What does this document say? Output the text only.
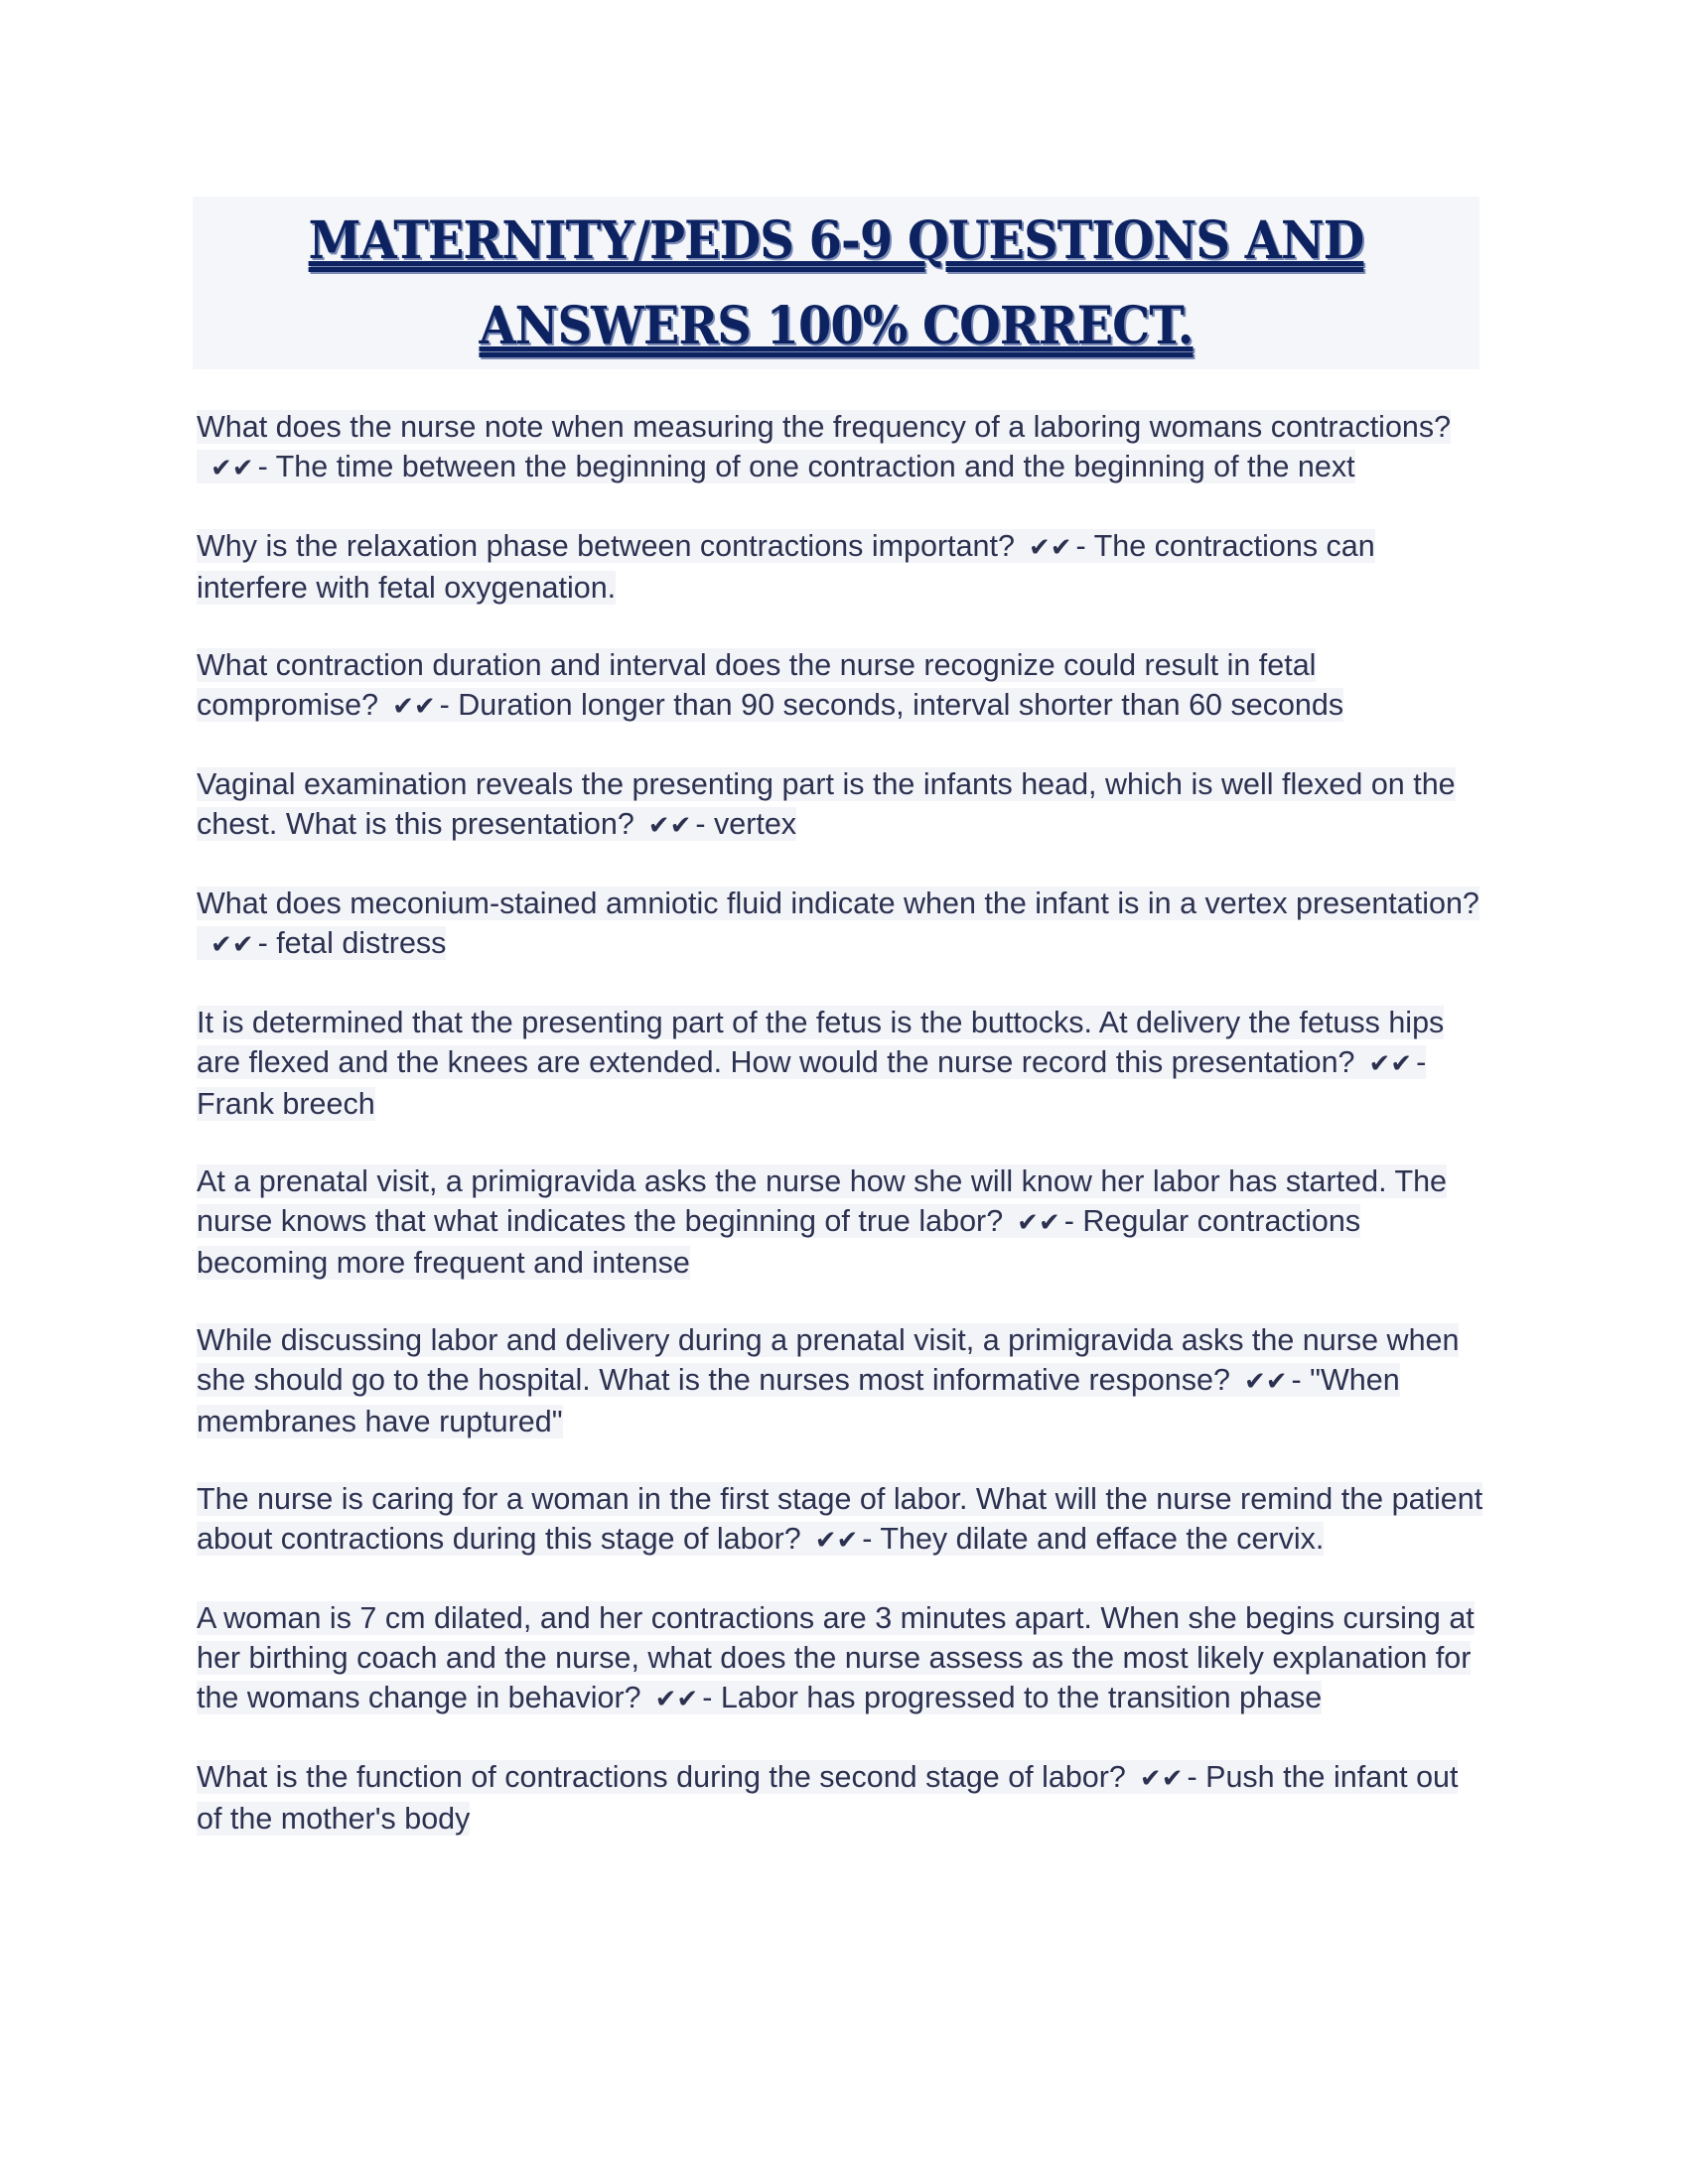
MATERNITY/PEDS 6-9 QUESTIONS AND ANSWERS 100% CORRECT.

What does the nurse note when measuring the frequency of a laboring womans contractions?✔✔ - The time between the beginning of one contraction and the beginning of the next

Why is the relaxation phase between contractions important? ✔✔ - The contractions can interfere with fetal oxygenation.

What contraction duration and interval does the nurse recognize could result in fetal compromise? ✔✔ - Duration longer than 90 seconds, interval shorter than 60 seconds

Vaginal examination reveals the presenting part is the infants head, which is well flexed on the chest. What is this presentation? ✔✔ - vertex

What does meconium-stained amniotic fluid indicate when the infant is in a vertex presentation?✔✔ - fetal distress

It is determined that the presenting part of the fetus is the buttocks. At delivery the fetuss hips are flexed and the knees are extended. How would the nurse record this presentation? ✔✔ - Frank breech

At a prenatal visit, a primigravida asks the nurse how she will know her labor has started. The nurse knows that what indicates the beginning of true labor? ✔✔ - Regular contractions becoming more frequent and intense

While discussing labor and delivery during a prenatal visit, a primigravida asks the nurse when she should go to the hospital. What is the nurses most informative response? ✔✔ - "When membranes have ruptured"

The nurse is caring for a woman in the first stage of labor. What will the nurse remind the patient about contractions during this stage of labor? ✔✔ - They dilate and efface the cervix.

A woman is 7 cm dilated, and her contractions are 3 minutes apart. When she begins cursing at her birthing coach and the nurse, what does the nurse assess as the most likely explanation for the womans change in behavior? ✔✔ - Labor has progressed to the transition phase

What is the function of contractions during the second stage of labor? ✔✔ - Push the infant out of the mother's body
